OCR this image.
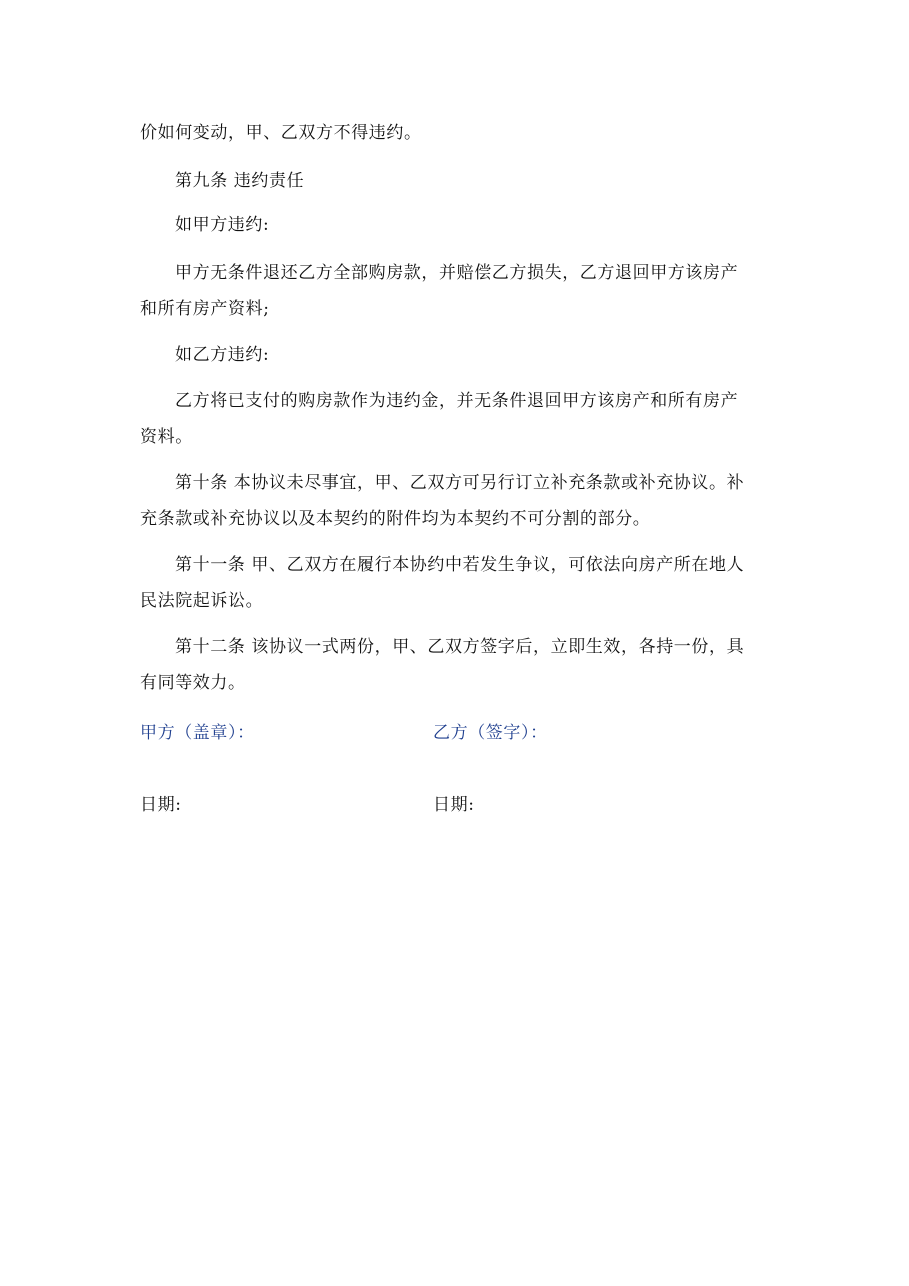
价如何变动，甲、乙双方不得违约。
第九条 违约责任
如甲方违约:
甲方无条件退还乙方全部购房款，并赔偿乙方损失，乙方退回甲方该房产
和所有房产资料;
如乙方违约:
乙方将已支付的购房款作为违约金，并无条件退回甲方该房产和所有房产
资料。
第十条 本协议未尽事宜，甲、乙双方可另行订立补充条款或补充协议。补
充条款或补充协议以及本契约的附件均为本契约不可分割的部分。
第十一条 甲、乙双方在履行本协约中若发生争议，可依法向房产所在地人
民法院起诉讼。
第十二条 该协议一式两份，甲、乙双方签字后，立即生效，各持一份，具
有同等效力。
甲方（盖章）：	乙方（签字）：
日期:	日期:
